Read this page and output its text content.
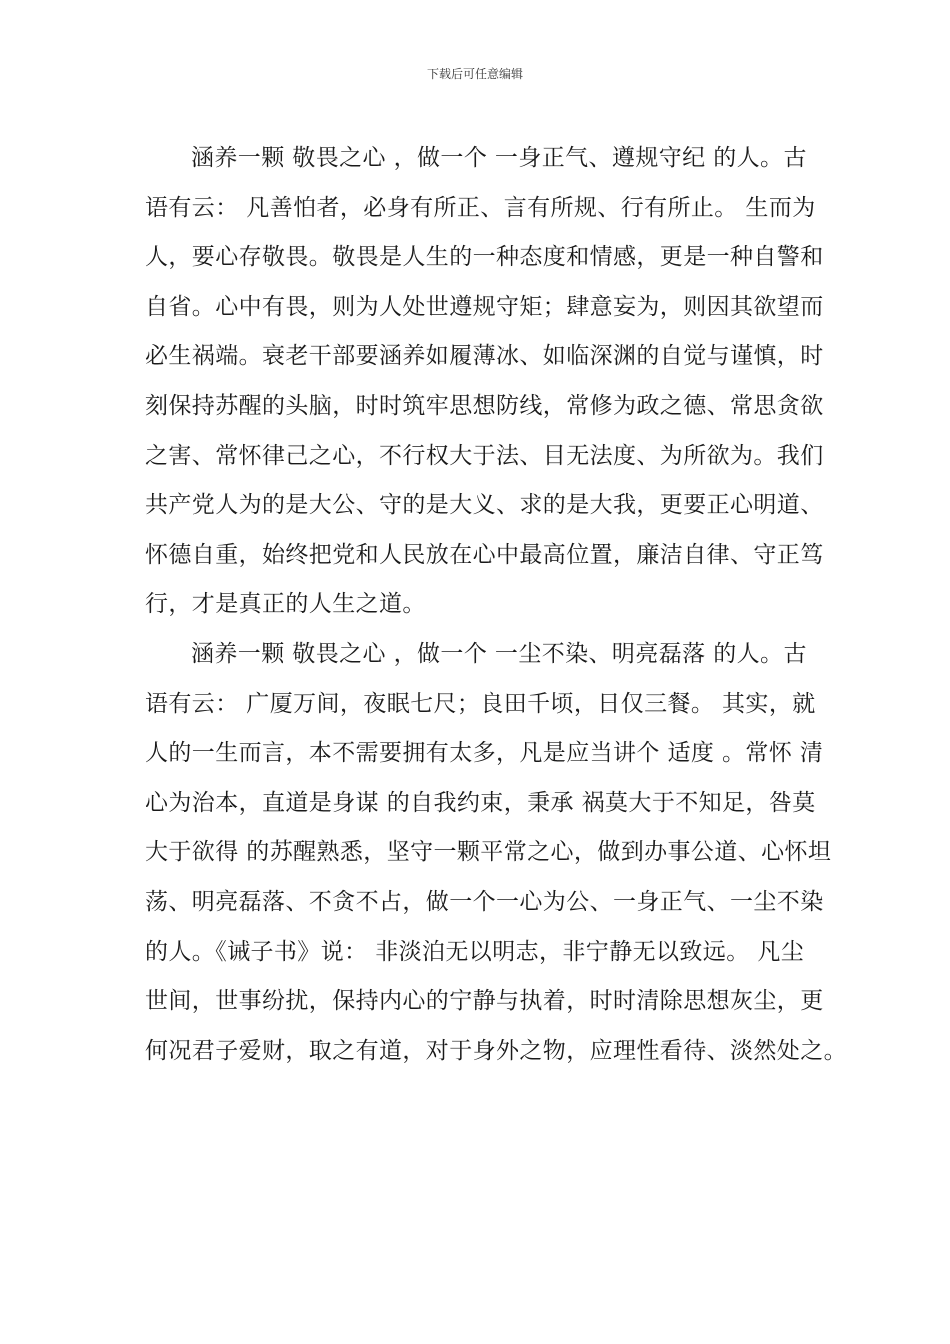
下载后可任意编辑
涵养一颗 敬畏之心 ，做一个 一身正气、遵规守纪 的人。古
语有云： 凡善怕者，必身有所正、言有所规、行有所止。 生而为
人，要心存敬畏。敬畏是人生的一种态度和情感，更是一种自警和
自省。心中有畏，则为人处世遵规守矩；肆意妄为，则因其欲望而
必生祸端。衰老干部要涵养如履薄冰、如临深渊的自觉与谨慎，时
刻保持苏醒的头脑，时时筑牢思想防线，常修为政之德、常思贪欲
之害、常怀律己之心，不行权大于法、目无法度、为所欲为。我们
共产党人为的是大公、守的是大义、求的是大我，更要正心明道、
怀德自重，始终把党和人民放在心中最高位置，廉洁自律、守正笃
行，才是真正的人生之道。
涵养一颗 敬畏之心 ，做一个 一尘不染、明亮磊落 的人。古
语有云： 广厦万间，夜眠七尺；良田千顷，日仅三餐。 其实，就
人的一生而言，本不需要拥有太多，凡是应当讲个 适度 。常怀 清
心为治本，直道是身谋 的自我约束，秉承 祸莫大于不知足，咎莫
大于欲得 的苏醒熟悉，坚守一颗平常之心，做到办事公道、心怀坦
荡、明亮磊落、不贪不占，做一个一心为公、一身正气、一尘不染
的人。《诫子书》说： 非淡泊无以明志，非宁静无以致远。 凡尘
世间，世事纷扰，保持内心的宁静与执着，时时清除思想灰尘，更
何况君子爱财，取之有道，对于身外之物，应理性看待、淡然处之。
